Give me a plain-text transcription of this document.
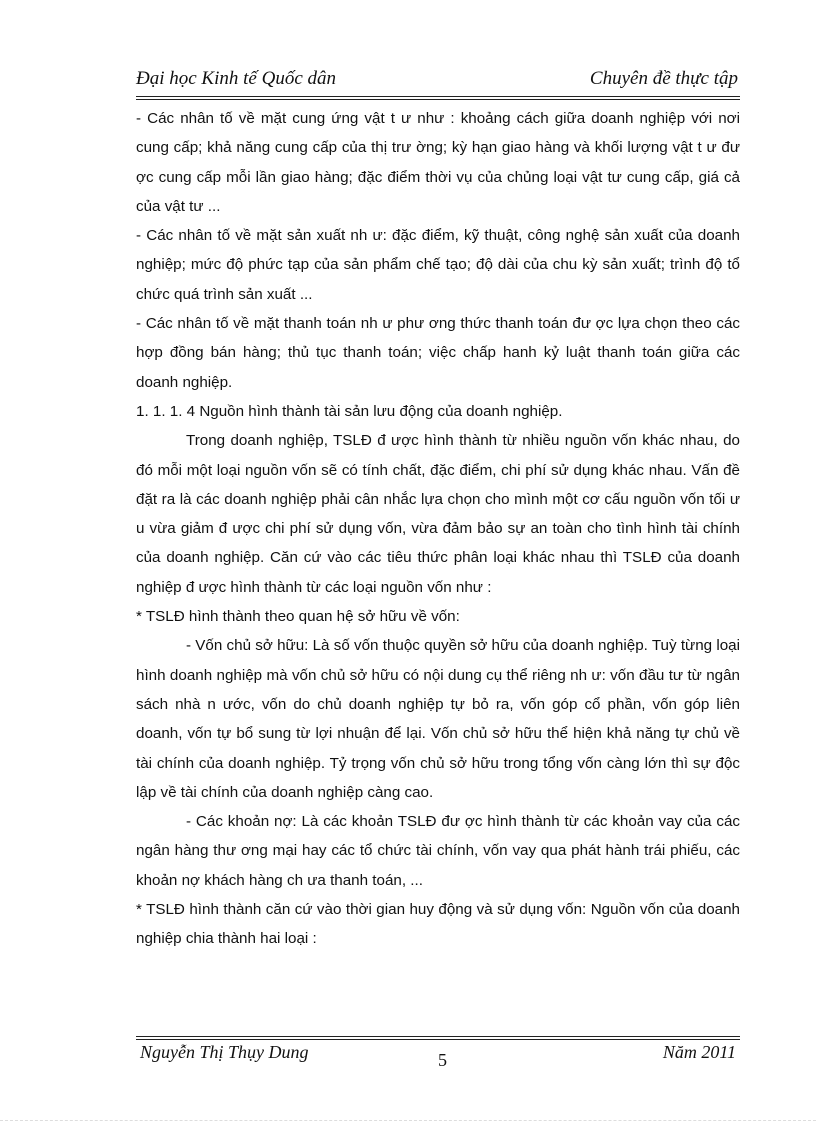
Đại học Kinh tế Quốc dân	Chuyên đề thực tập

- Các nhân tố về mặt cung ứng vật t ư như : khoảng cách giữa doanh nghiệp với nơi cung cấp; khả năng cung cấp của thị trư ờng; kỳ hạn giao hàng và khối lượng vật t ư đư ợc cung cấp mỗi lần giao hàng; đặc điểm thời vụ của chủng loại vật tư cung cấp, giá cả của vật tư ...

- Các nhân tố về mặt sản xuất nh ư: đặc điểm, kỹ thuật, công nghệ sản xuất của doanh nghiệp; mức độ phức tạp của sản phẩm chế tạo; độ dài của chu kỳ sản xuất; trình độ tổ chức quá trình sản xuất ...

- Các nhân tố về mặt thanh toán nh ư phư ơng thức thanh toán đư ợc lựa chọn theo các hợp đồng bán hàng; thủ tục thanh toán; việc chấp hanh kỷ luật thanh toán giữa các doanh nghiệp.

1. 1. 1. 4 Nguồn hình thành tài sản lưu động của doanh nghiệp.

Trong doanh nghiệp, TSLĐ đ ược hình thành từ nhiều nguồn vốn khác nhau, do đó mỗi một loại nguồn vốn sẽ có tính chất, đặc điểm, chi phí sử dụng khác nhau. Vấn đề đặt ra là các doanh nghiệp phải cân nhắc lựa chọn cho mình một cơ cấu nguồn vốn tối ư u vừa giảm đ ược chi phí sử dụng vốn, vừa đảm bảo sự an toàn cho tình hình tài chính của doanh nghiệp. Căn cứ vào các tiêu thức phân loại khác nhau thì TSLĐ của doanh nghiệp đ ược hình thành từ các loại nguồn vốn như :

* TSLĐ hình thành theo quan hệ sở hữu về vốn:

- Vốn chủ sở hữu: Là số vốn thuộc quyền sở hữu của doanh nghiệp. Tuỳ từng loại hình doanh nghiệp mà vốn chủ sở hữu có nội dung cụ thể riêng nh ư: vốn đầu tư từ ngân sách nhà n ước, vốn do chủ doanh nghiệp tự bỏ ra, vốn góp cổ phần, vốn góp liên doanh, vốn tự bổ sung từ lợi nhuận để lại. Vốn chủ sở hữu thể hiện khả năng tự chủ về tài chính của doanh nghiệp. Tỷ trọng vốn chủ sở hữu trong tổng vốn càng lớn thì sự độc lập về tài chính của doanh nghiệp càng cao.

- Các khoản nợ: Là các khoản TSLĐ đư ợc hình thành từ các khoản vay của các ngân hàng thư ơng mại hay các tổ chức tài chính, vốn vay qua phát hành trái phiếu, các khoản nợ khách hàng ch ưa thanh toán, ...

* TSLĐ hình thành căn cứ vào thời gian huy động và sử dụng vốn: Nguồn vốn của doanh nghiệp chia thành hai loại :

Nguyễn Thị Thụy Dung	5	Năm 2011
